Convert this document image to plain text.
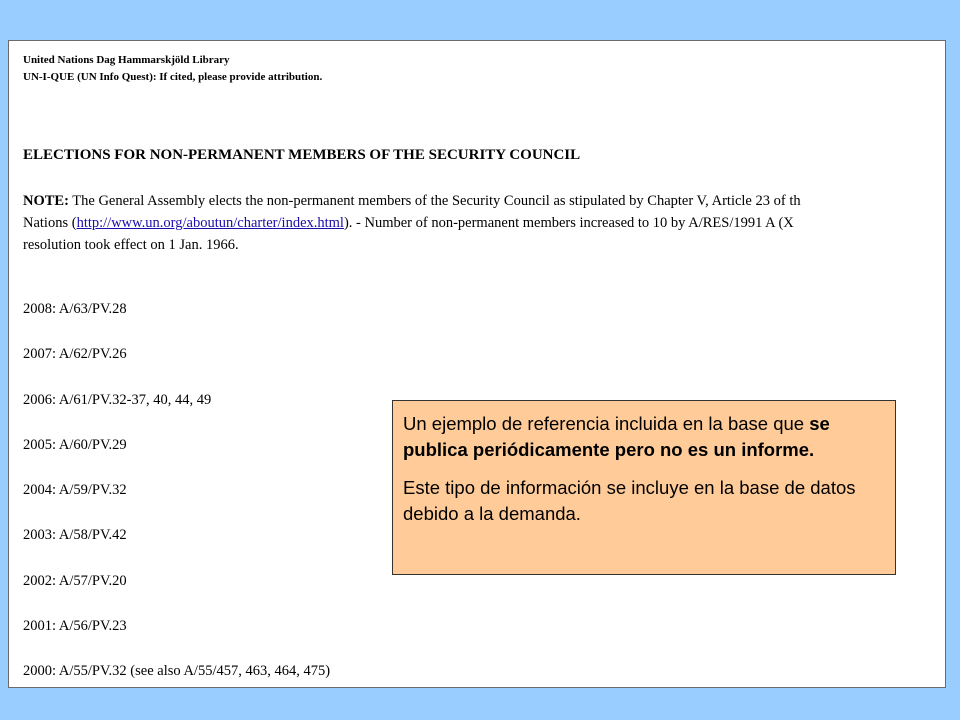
United Nations Dag Hammarskjöld Library
UN-I-QUE (UN Info Quest): If cited, please provide attribution.
ELECTIONS FOR NON-PERMANENT MEMBERS OF THE SECURITY COUNCIL
NOTE: The General Assembly elects the non-permanent members of the Security Council as stipulated by Chapter V, Article 23 of th
Nations (http://www.un.org/aboutun/charter/index.html). - Number of non-permanent members increased to 10 by A/RES/1991 A (X
resolution took effect on 1 Jan. 1966.
2008: A/63/PV.28
2007: A/62/PV.26
2006: A/61/PV.32-37, 40, 44, 49
2005: A/60/PV.29
2004: A/59/PV.32
2003: A/58/PV.42
2002: A/57/PV.20
2001: A/56/PV.23
2000: A/55/PV.32 (see also A/55/457, 463, 464, 475)

Un ejemplo de referencia incluida en la base que se publica periódicamente pero no es un informe.

Este tipo de información se incluye en la base de datos debido a la demanda.
